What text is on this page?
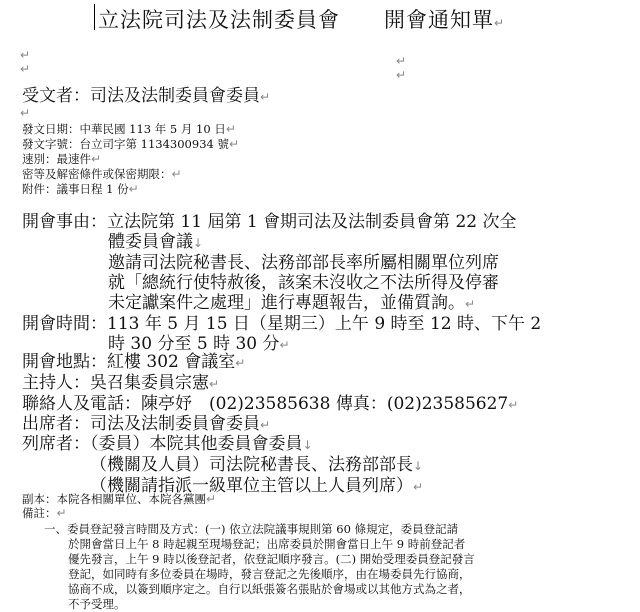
立法院司法及法制委員會　　開會通知單↵
↵
↵
↵
↵
受文者：司法及法制委員會委員↵
↵
發文日期：中華民國 113 年 5 月 10 日↵
發文字號：台立司字第 1134300934 號↵
速別：最速件↵
密等及解密條件或保密期限：↵
附件：議事日程 1 份↵
開會事由：立法院第 11 屆第 1 會期司法及法制委員會第 22 次全
體委員會議↓
邀請司法院秘書長、法務部部長率所屬相關單位列席
就「總統行使特赦後，該案未沒收之不法所得及停審
未定讞案件之處理」進行專題報告，並備質詢。↵
開會時間：113 年 5 月 15 日（星期三）上午 9 時至 12 時、下午 2
時 30 分至 5 時 30 分↵
開會地點：紅樓 302 會議室↵
主持人：吳召集委員宗憲↵
聯絡人及電話：陳亭妤　(02)23585638 傳真：(02)23585627↵
出席者：司法及法制委員會委員↵
列席者：（委員）本院其他委員會委員↓
（機關及人員）司法院秘書長、法務部部長↓
（機關請指派一級單位主管以上人員列席）↵
副本：本院各相關單位、本院各黨團↵
備註：↵
一、委員登記發言時間及方式：(一) 依立法院議事規則第 60 條規定，委員登記請
於開會當日上午 8 時起親至現場登記；出席委員於開會當日上午 9 時前登記者
優先發言，上午 9 時以後登記者，依登記順序發言。(二) 開始受理委員登記發言
登記，如同時有多位委員在場時，發言登記之先後順序，由在場委員先行協商，
協商不成，以簽到順序定之。自行以紙張簽名張貼於會場或以其他方式為之者，
不予受理。
